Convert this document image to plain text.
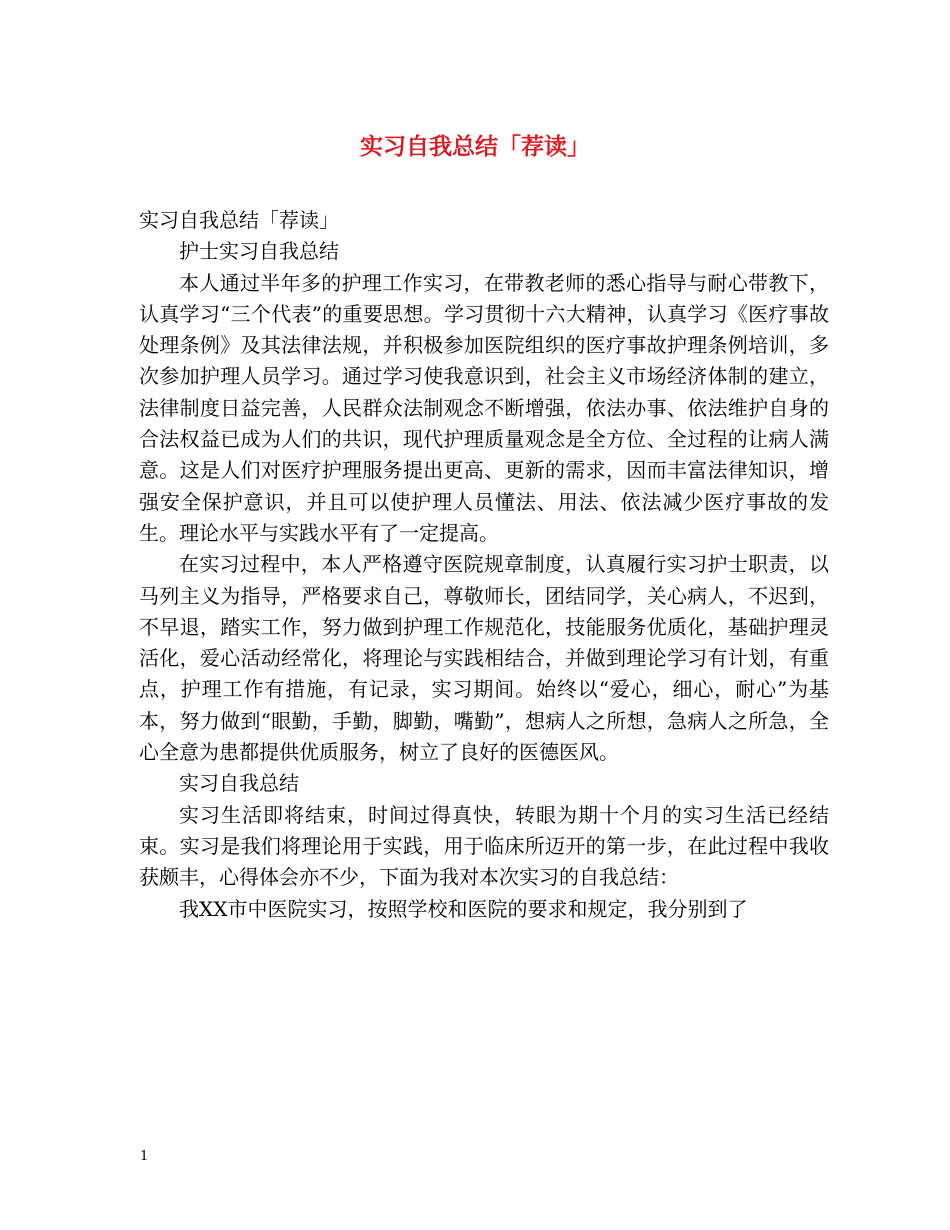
实习自我总结「荐读」

实习自我总结「荐读」

护士实习自我总结

本人通过半年多的护理工作实习，在带教老师的悉心指导与耐心带教下，认真学习“三个代表”的重要思想。学习贯彻十六大精神，认真学习《医疗事故处理条例》及其法律法规，并积极参加医院组织的医疗事故护理条例培训，多次参加护理人员学习。通过学习使我意识到，社会主义市场经济体制的建立，法律制度日益完善，人民群众法制观念不断增强，依法办事、依法维护自身的合法权益已成为人们的共识，现代护理质量观念是全方位、全过程的让病人满意。这是人们对医疗护理服务提出更高、更新的需求，因而丰富法律知识，增强安全保护意识，并且可以使护理人员懂法、用法、依法减少医疗事故的发生。理论水平与实践水平有了一定提高。

在实习过程中，本人严格遵守医院规章制度，认真履行实习护士职责，以马列主义为指导，严格要求自己，尊敬师长，团结同学，关心病人，不迟到，不早退，踏实工作，努力做到护理工作规范化，技能服务优质化，基础护理灵活化，爱心活动经常化，将理论与实践相结合，并做到理论学习有计划，有重点，护理工作有措施，有记录，实习期间。始终以“爱心，细心，耐心”为基本，努力做到“眼勤，手勤，脚勤，嘴勤”，想病人之所想，急病人之所急，全心全意为患都提供优质服务，树立了良好的医德医风。

实习自我总结

实习生活即将结束，时间过得真快，转眼为期十个月的实习生活已经结束。实习是我们将理论用于实践，用于临床所迈开的第一步，在此过程中我收获颇丰，心得体会亦不少，下面为我对本次实习的自我总结：

我XX市中医院实习，按照学校和医院的要求和规定，我分别到了

1
